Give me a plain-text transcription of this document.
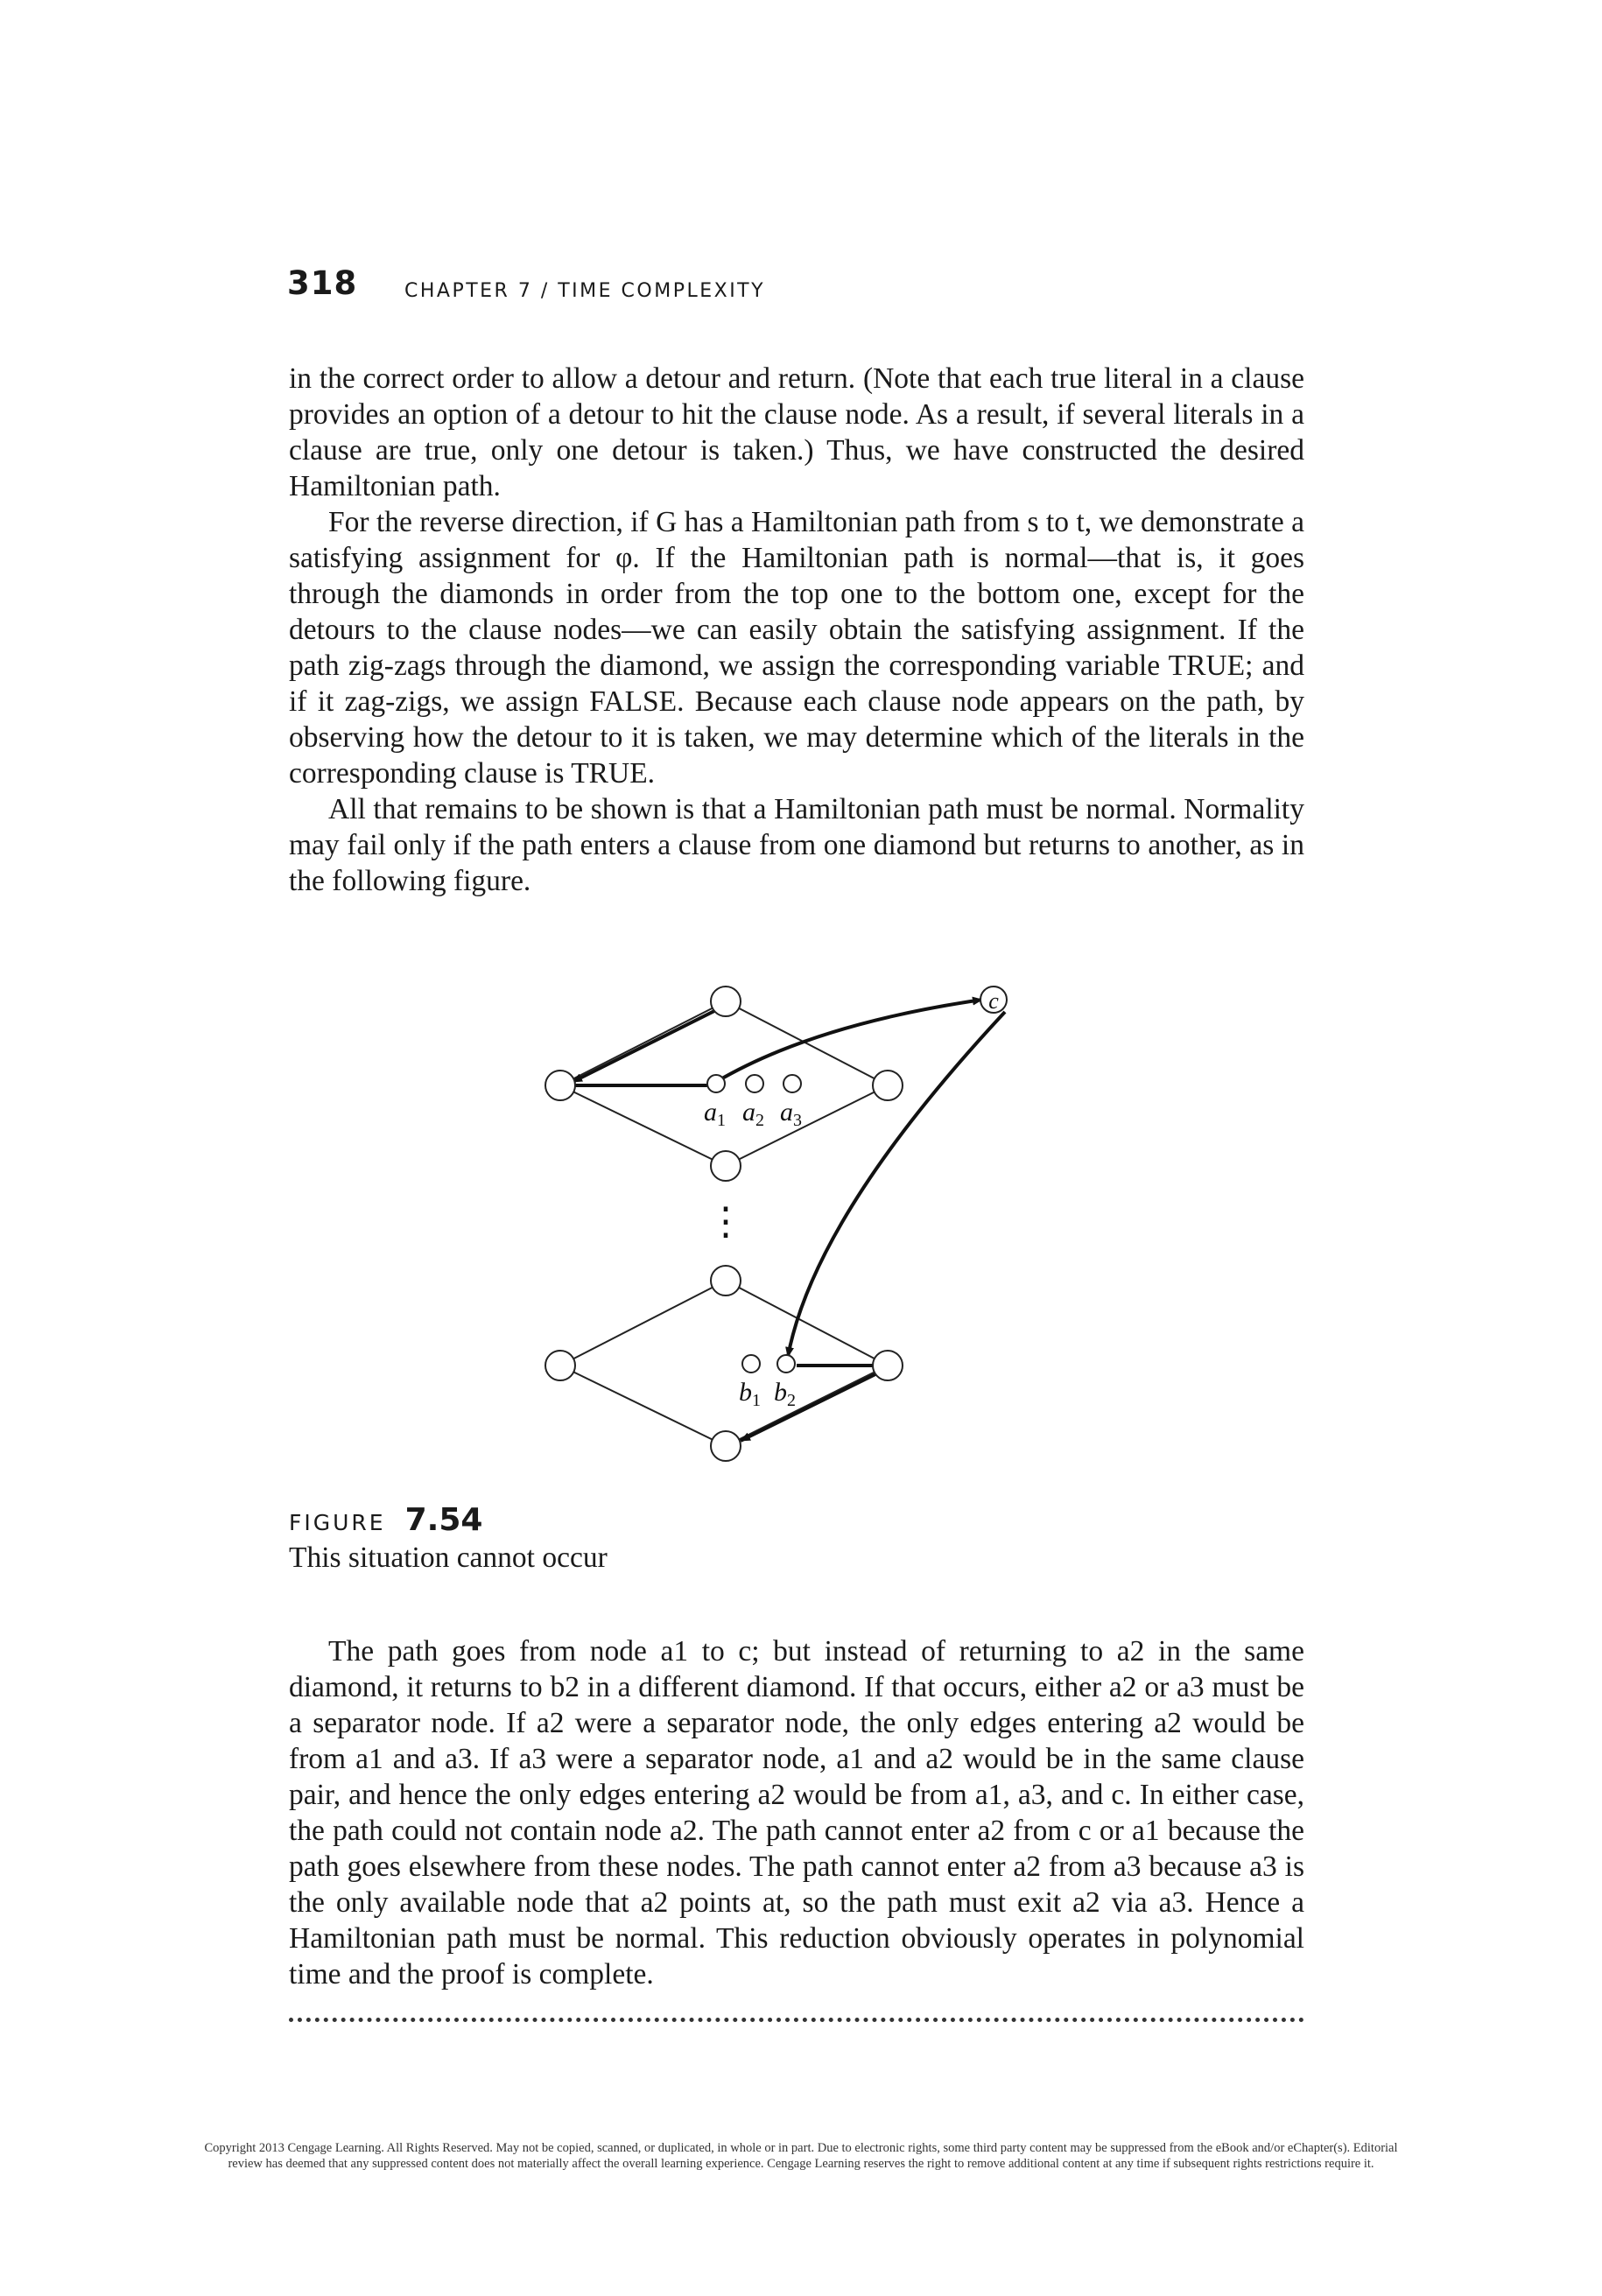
318 CHAPTER 7 / TIME COMPLEXITY

in the correct order to allow a detour and return. (Note that each true literal in a clause provides an option of a detour to hit the clause node. As a result, if several literals in a clause are true, only one detour is taken.) Thus, we have constructed the desired Hamiltonian path.

For the reverse direction, if G has a Hamiltonian path from s to t, we demonstrate a satisfying assignment for φ. If the Hamiltonian path is normal—that is, it goes through the diamonds in order from the top one to the bottom one, except for the detours to the clause nodes—we can easily obtain the satisfying assignment. If the path zig-zags through the diamond, we assign the corresponding variable TRUE; and if it zag-zigs, we assign FALSE. Because each clause node appears on the path, by observing how the detour to it is taken, we may determine which of the literals in the corresponding clause is TRUE.

All that remains to be shown is that a Hamiltonian path must be normal. Normality may fail only if the path enters a clause from one diamond but returns to another, as in the following figure.

c
$a_1$ $a_2$ $a_3$
$b_1$ $b_2$
⋮
FIGURE 7.54
This situation cannot occur

The path goes from node a1 to c; but instead of returning to a2 in the same diamond, it returns to b2 in a different diamond. If that occurs, either a2 or a3 must be a separator node. If a2 were a separator node, the only edges entering a2 would be from a1 and a3. If a3 were a separator node, a1 and a2 would be in the same clause pair, and hence the only edges entering a2 would be from a1, a3, and c. In either case, the path could not contain node a2. The path cannot enter a2 from c or a1 because the path goes elsewhere from these nodes. The path cannot enter a2 from a3 because a3 is the only available node that a2 points at, so the path must exit a2 via a3. Hence a Hamiltonian path must be normal. This reduction obviously operates in polynomial time and the proof is complete.

Copyright 2013 Cengage Learning. All Rights Reserved. May not be copied, scanned, or duplicated, in whole or in part. Due to electronic rights, some third party content may be suppressed from the eBook and/or eChapter(s). Editorial review has deemed that any suppressed content does not materially affect the overall learning experience. Cengage Learning reserves the right to remove additional content at any time if subsequent rights restrictions require it.
